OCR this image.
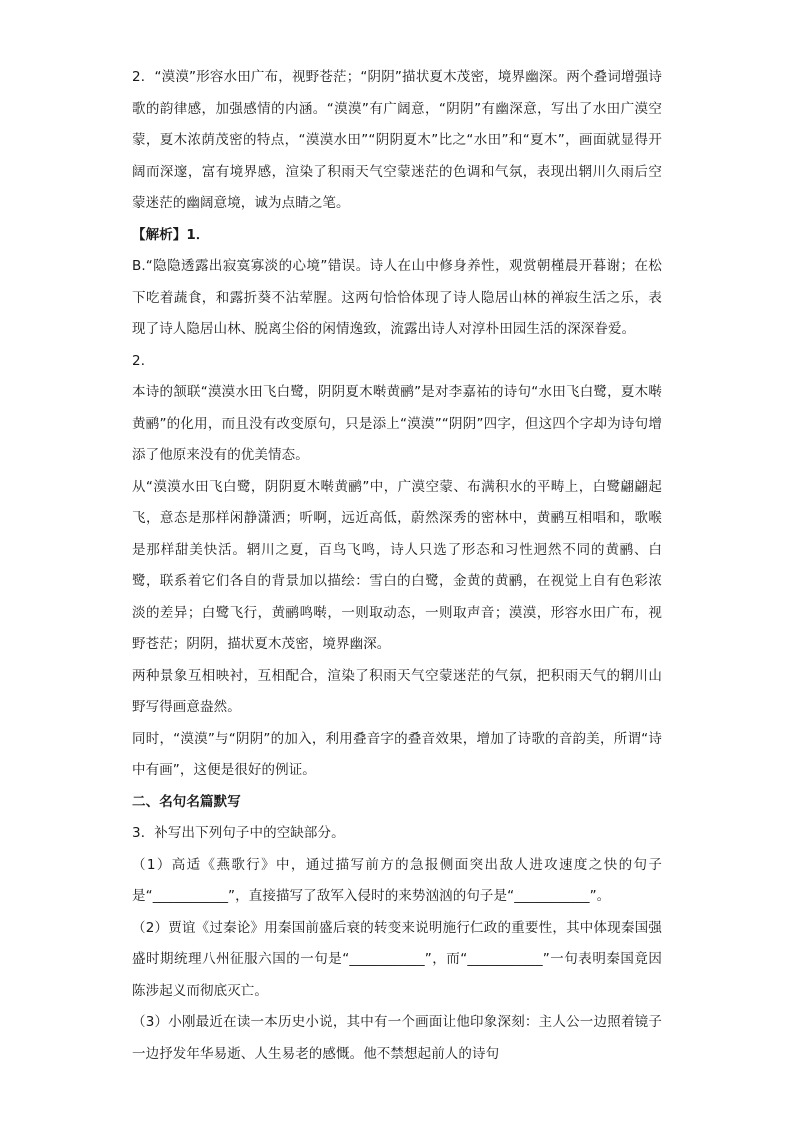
2．“漠漠”形容水田广布，视野苍茫；“阴阴”描状夏木茂密，境界幽深。两个叠词增强诗歌的韵律感，加强感情的内涵。“漠漠”有广阔意，“阴阴”有幽深意，写出了水田广漠空蒙，夏木浓荫茂密的特点，“漠漠水田”“阴阴夏木”比之“水田”和“夏木”，画面就显得开阔而深邃，富有境界感，渲染了积雨天气空蒙迷茫的色调和气氛，表现出辋川久雨后空蒙迷茫的幽阔意境，诚为点睛之笔。

【解析】1．

B.“隐隐透露出寂寞寡淡的心境”错误。诗人在山中修身养性，观赏朝槿晨开暮谢；在松下吃着蔬食，和露折葵不沾荤腥。这两句恰恰体现了诗人隐居山林的禅寂生活之乐，表现了诗人隐居山林、脱离尘俗的闲情逸致，流露出诗人对淳朴田园生活的深深眷爱。

2．

本诗的颔联“漠漠水田飞白鹭，阴阴夏木啭黄鹂”是对李嘉祐的诗句“水田飞白鹭，夏木啭黄鹂”的化用，而且没有改变原句，只是添上“漠漠”“阴阴”四字，但这四个字却为诗句增添了他原来没有的优美情态。

从“漠漠水田飞白鹭，阴阴夏木啭黄鹂”中，广漠空蒙、布满积水的平畴上，白鹭翩翩起飞，意态是那样闲静潇洒；听啊，远近高低，蔚然深秀的密林中，黄鹂互相唱和，歌喉是那样甜美快活。辋川之夏，百鸟飞鸣，诗人只选了形态和习性迥然不同的黄鹂、白鹭，联系着它们各自的背景加以描绘：雪白的白鹭，金黄的黄鹂，在视觉上自有色彩浓淡的差异；白鹭飞行，黄鹂鸣啭，一则取动态，一则取声音；漠漠，形容水田广布，视野苍茫；阴阴，描状夏木茂密，境界幽深。

两种景象互相映衬，互相配合，渲染了积雨天气空蒙迷茫的气氛，把积雨天气的辋川山野写得画意盎然。

同时，“漠漠”与“阴阴”的加入，利用叠音字的叠音效果，增加了诗歌的音韵美，所谓“诗中有画”，这便是很好的例证。

二、名句名篇默写

3．补写出下列句子中的空缺部分。

（1）高适《燕歌行》中，通过描写前方的急报侧面突出敌人进攻速度之快的句子是“___________”，直接描写了敌军入侵时的来势汹汹的句子是“___________”。

（2）贾谊《过秦论》用秦国前盛后衰的转变来说明施行仁政的重要性，其中体现秦国强盛时期统理八州征服六国的一句是“___________”，而“___________”一句表明秦国竟因陈涉起义而彻底灭亡。

（3）小刚最近在读一本历史小说，其中有一个画面让他印象深刻：主人公一边照着镜子一边抒发年华易逝、人生易老的感慨。他不禁想起前人的诗句
